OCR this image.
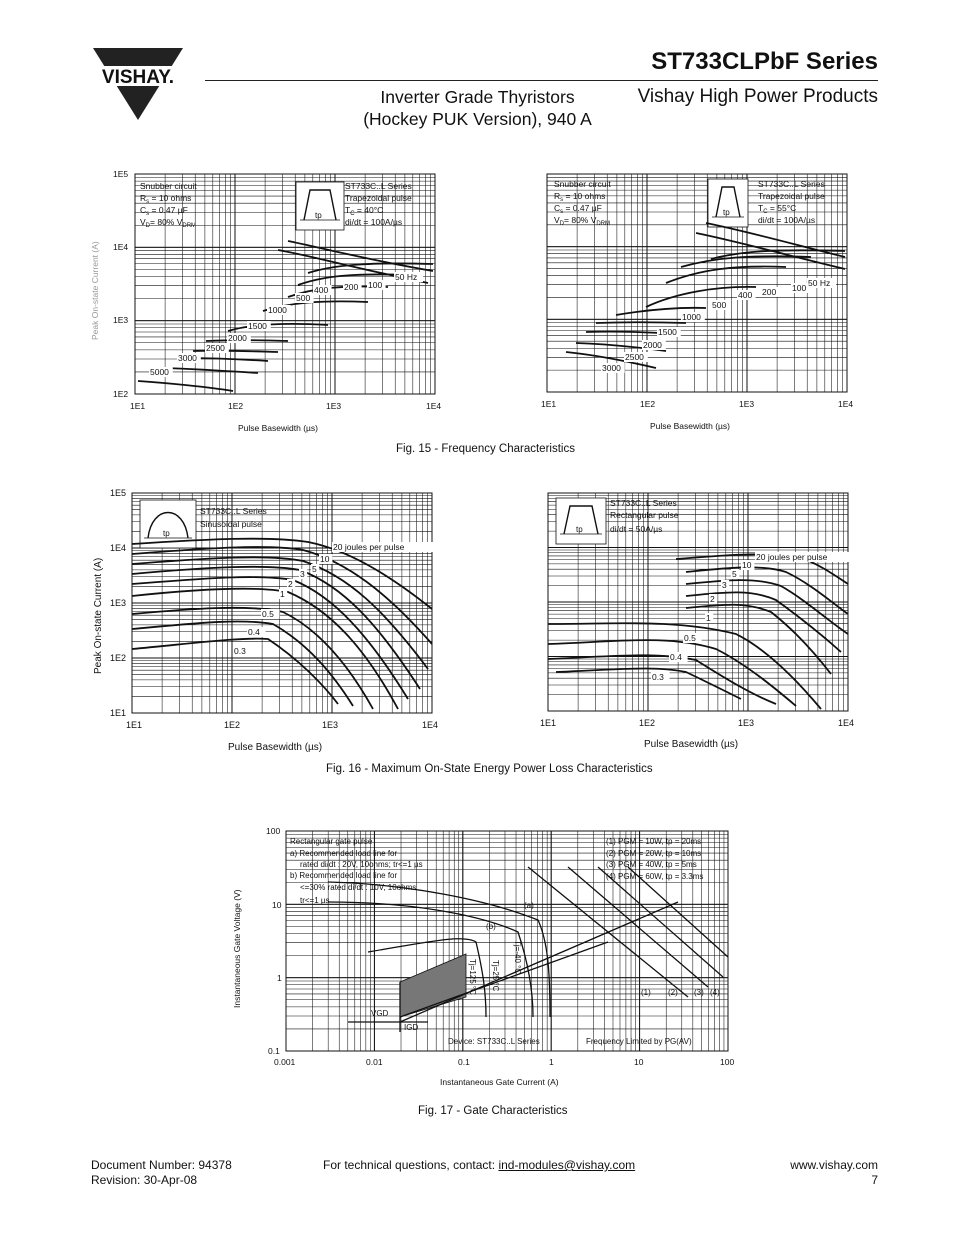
VISHAY.
ST733CLPbF Series
Inverter Grade Thyristors
(Hockey PUK Version), 940 A
Vishay High Power Products
1E5
1E4
1E3
1E2
1E1	1E2	1E3	1E4
Pulse Basewidth (µs)
Peak On-state Current (A)
Snubber circuit
$R_s = 10$ ohms
$C_s = 0.47$ µF
$V_D= 80\%$ $V_{DRM}$
ST733C..L Series
Trapezoidal pulse
$T_C = 40^\circ C$
di/dt = 100A/µs
tp
5000
3000
2500
2000
1500
1000
500
400 200 100
50 Hz
1E1	1E2	1E3	1E4
Pulse Basewidth (µs)
Snubber circuit
$R_s = 10$ ohms
$C_s = 0.47$ µF
$V_D= 80\%$ $V_{DRM}$
ST733C..L Series
Trapezoidal pulse
$T_C = 55^\circ C$
di/dt = 100A/µs
tp
3000
2500
2000
1500
1000
500
400 200 100 50 Hz
Fig. 15 - Frequency Characteristics
1E5
1E4
1E3
1E2
1E1
1E1	1E2	1E3	1E4
Pulse Basewidth (µs)
Peak On-state Current (A)
ST733C..L Series
Sinusoidal pulse
tp
20 joules per pulse
10
5
3
2
1
0.5
0.4
0.3
1E1	1E2	1E3	1E4
Pulse Basewidth (µs)
ST733C..L Series
Rectangular pulse
di/dt = 50A/µs
tp
20 joules per pulse
10
5
3
2
1
0.5
0.4
0.3
Fig. 16 - Maximum On-State Energy Power Loss Characteristics
100
10
1
0.1
0.001	0.01	0.1	1	10	100
Instantaneous Gate Current (A)
Instantaneous Gate Voltage (V)
Rectangular gate pulse
a) Recommended load line for
rated di/dt : 20V, 10ohms; tr<=1 µs
b) Recommended load line for
<=30% rated di/dt : 10V, 10ohms
tr<=1 µs
(1) PGM = 10W, tp = 20ms
(2) PGM = 20W, tp = 10ms
(3) PGM = 40W, tp = 5ms
(4) PGM = 60W, tp = 3.3ms
(a)
(b)
Tj=-40 °C
Tj=25 °C
Tj=125 °C
VGD
IGD
(1) (2) (3) (4)
Device: ST733C..L Series	Frequency Limited by PG(AV)
Fig. 17 - Gate Characteristics
Document Number: 94378
Revision: 30-Apr-08
For technical questions, contact: ind-modules@vishay.com	www.vishay.com
7
